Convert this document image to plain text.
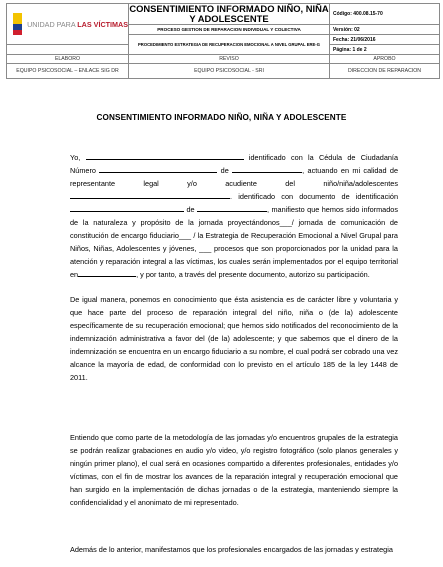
UNIDAD PARA LAS VÍCTIMAS	CONSENTIMIENTO INFORMADO NIÑO, NIÑA Y ADOLESCENTE	Código: 400.08.15-70
	PROCESO GESTION DE REPARACION INDIVIDUAL Y COLECTIVA	Versión: 02
	PROCEDIMIENTO ESTRATEGIA DE RECUPERACION EMOCIONAL A NIVEL GRUPAL ERE-G	Fecha: 21/06/2016
		Página: 1 de 2
ELABORO	REVISO	APROBO
EQUIPO PSICOSOCIAL – ENLACE SIG DR	EQUIPO PSICOSOCIAL - SRI	DIRECCION DE REPARACION
CONSENTIMIENTO INFORMADO NIÑO, NIÑA Y ADOLESCENTE
Yo,	identificado con la Cédula de Ciudadanía Número	de	, actuando en mi calidad de representante legal y/o acudiente del niño/niña/adolescentes . identificado con documento de identificación  de	, manifiesto que hemos sido informados de la naturaleza y propósito de la jornada proyectándonos___/ jornada de comunicación de constitución de encargo fiduciario___ / la Estrategia de Recuperación Emocional a Nivel Grupal para Niños, Niñas, Adolescentes y jóvenes, ___ procesos que son proporcionados por la unidad para la atención y reparación integral a las víctimas, los cuales serán implementados por el equipo territorial en	, y por tanto, a través del presente documento, autorizo su participación.
De igual manera, ponemos en conocimiento que ésta asistencia es de carácter libre y voluntaria y que hace parte del proceso de reparación integral del niño, niña o (de la) adolescente específicamente de su recuperación emocional; que hemos sido notificados del reconocimiento de la indemnización administrativa a favor del (de la) adolescente; y que sabemos que el dinero de la indemnización se encuentra en un encargo fiduciario a su nombre, el cual podrá ser cobrado una vez alcance la mayoría de edad, de conformidad con lo previsto en el artículo 185 de la ley 1448 de 2011.
Entiendo que como parte de la metodología de las jornadas y/o encuentros grupales de la estrategia se podrán realizar grabaciones en audio y/o video, y/o registro fotográfico (solo planos generales y ningún primer plano), el cual será en ocasiones compartido a diferentes profesionales, entidades y/o víctimas, con el fin de mostrar los avances de la reparación integral y recuperación emocional que han surgido en la implementación de dichas jornadas o de la estrategia, manteniendo siempre la confidencialidad y el anonimato de mi representado.
Además de lo anterior, manifestamos que los profesionales encargados de las jornadas y estrategia
